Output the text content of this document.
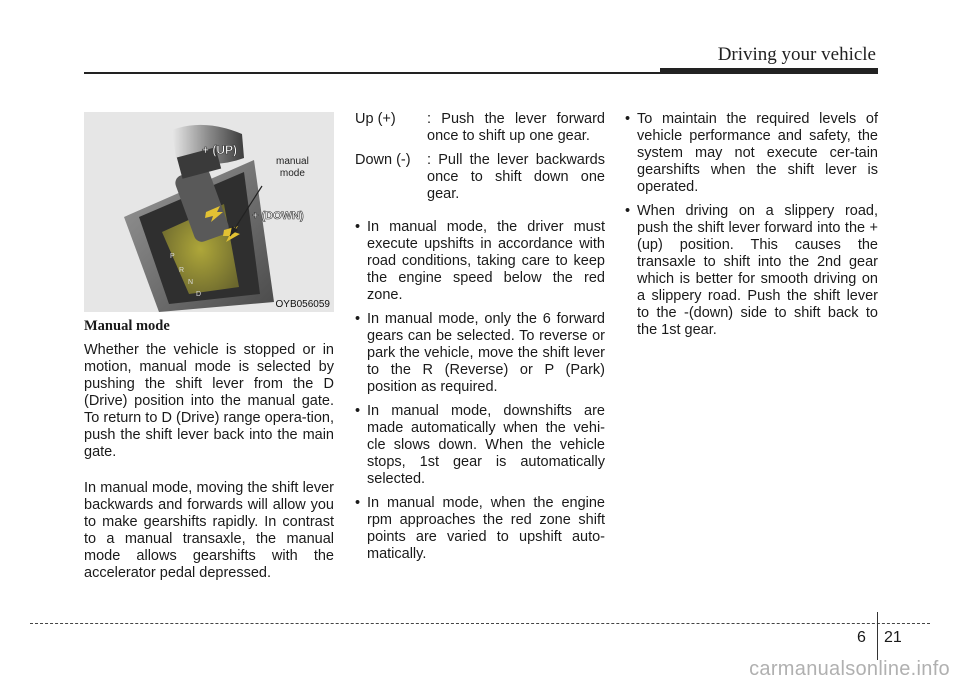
Driving your vehicle
+ (UP)
+ (DOWN)
P
R
N
D
manual
mode
OYB056059

Manual mode

Whether the vehicle is stopped or in motion, manual mode is selected by pushing the shift lever from the D (Drive) position into the manual gate. To return to D (Drive) range opera-tion, push the shift lever back into the main gate.

In manual mode, moving the shift lever backwards and forwards will allow you to make gearshifts rapidly. In contrast to a manual transaxle, the manual mode allows gearshifts with the accelerator pedal depressed.

Up (+)	: Push the lever forward once to shift up one gear.
Down (-)	: Pull the lever backwards once to shift down one gear.

• In manual mode, the driver must execute upshifts in accordance with road conditions, taking care to keep the engine speed below the red zone.

• In manual mode, only the 6 forward gears can be selected. To reverse or park the vehicle, move the shift lever to the R (Reverse) or P (Park) position as required.

• In manual mode, downshifts are made automatically when the vehi-cle slows down. When the vehicle stops, 1st gear is automatically selected.

• In manual mode, when the engine rpm approaches the red zone shift points are varied to upshift auto-matically.

• To maintain the required levels of vehicle performance and safety, the system may not execute cer-tain gearshifts when the shift lever is operated.

• When driving on a slippery road, push the shift lever forward into the +(up) position. This causes the transaxle to shift into the 2nd gear which is better for smooth driving on a slippery road. Push the shift lever to the -(down) side to shift back to the 1st gear.

6 21
carmanualsonline.info
